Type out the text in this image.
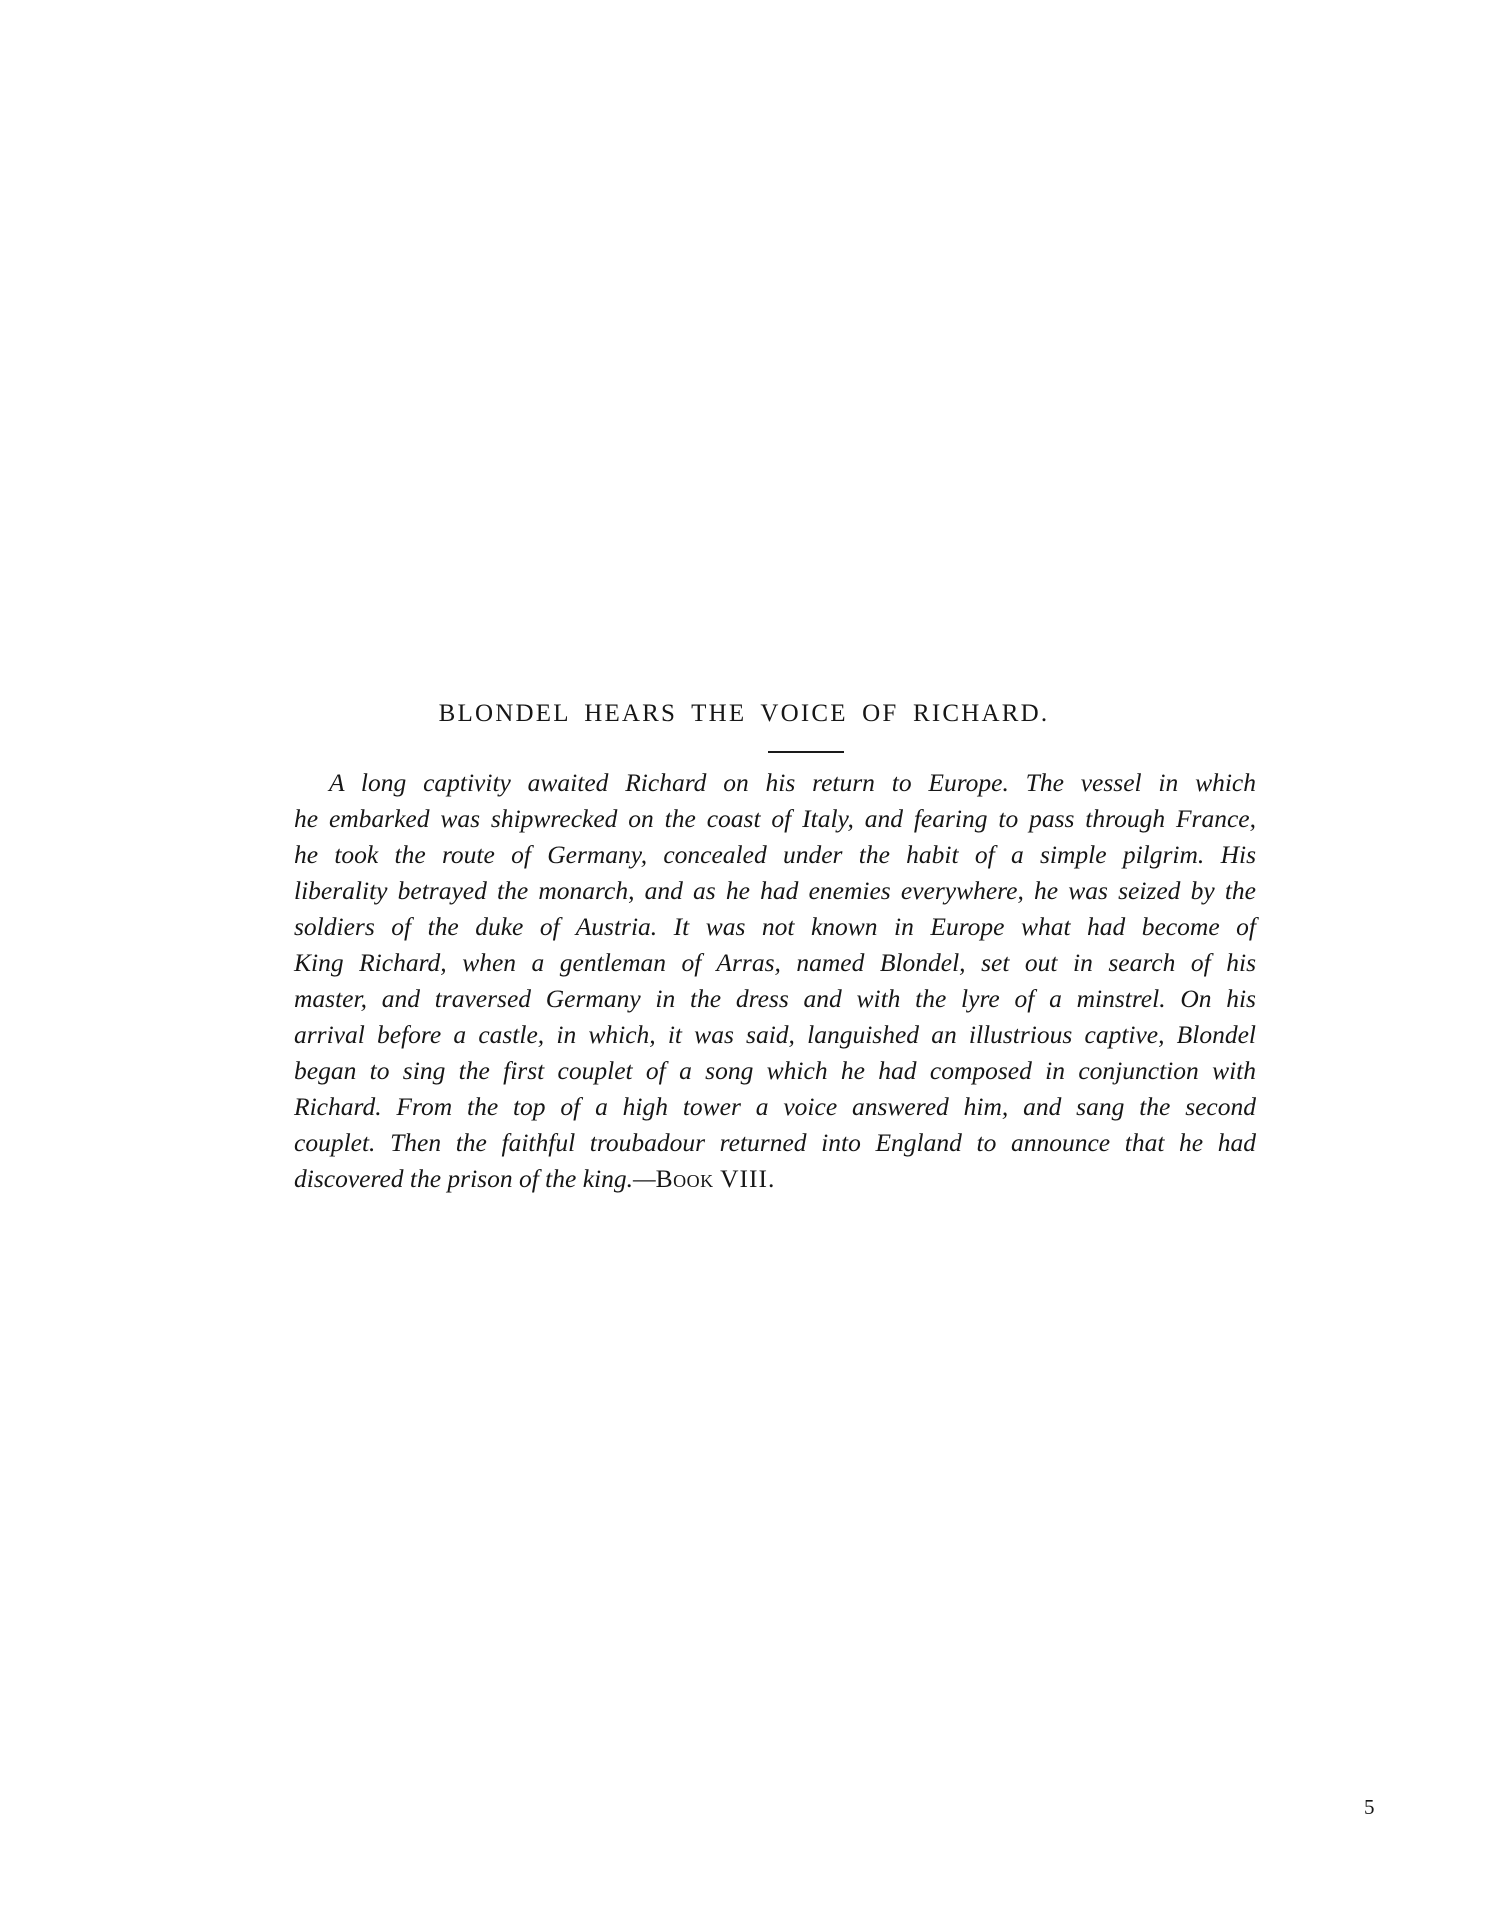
BLONDEL HEARS THE VOICE OF RICHARD.
A long captivity awaited Richard on his return to Europe. The vessel in which
he embarked was shipwrecked on the coast of Italy, and fearing to pass through France,
he took the route of Germany, concealed under the habit of a simple pilgrim. His
liberality betrayed the monarch, and as he had enemies everywhere, he was seized by the
soldiers of the duke of Austria. It was not known in Europe what had become of
King Richard, when a gentleman of Arras, named Blondel, set out in search of his
master, and traversed Germany in the dress and with the lyre of a minstrel. On his
arrival before a castle, in which, it was said, languished an illustrious captive, Blondel
began to sing the first couplet of a song which he had composed in conjunction with
Richard. From the top of a high tower a voice answered him, and sang the second
couplet. Then the faithful troubadour returned into England to announce that he had
discovered the prison of the king.—Book VIII.
5
